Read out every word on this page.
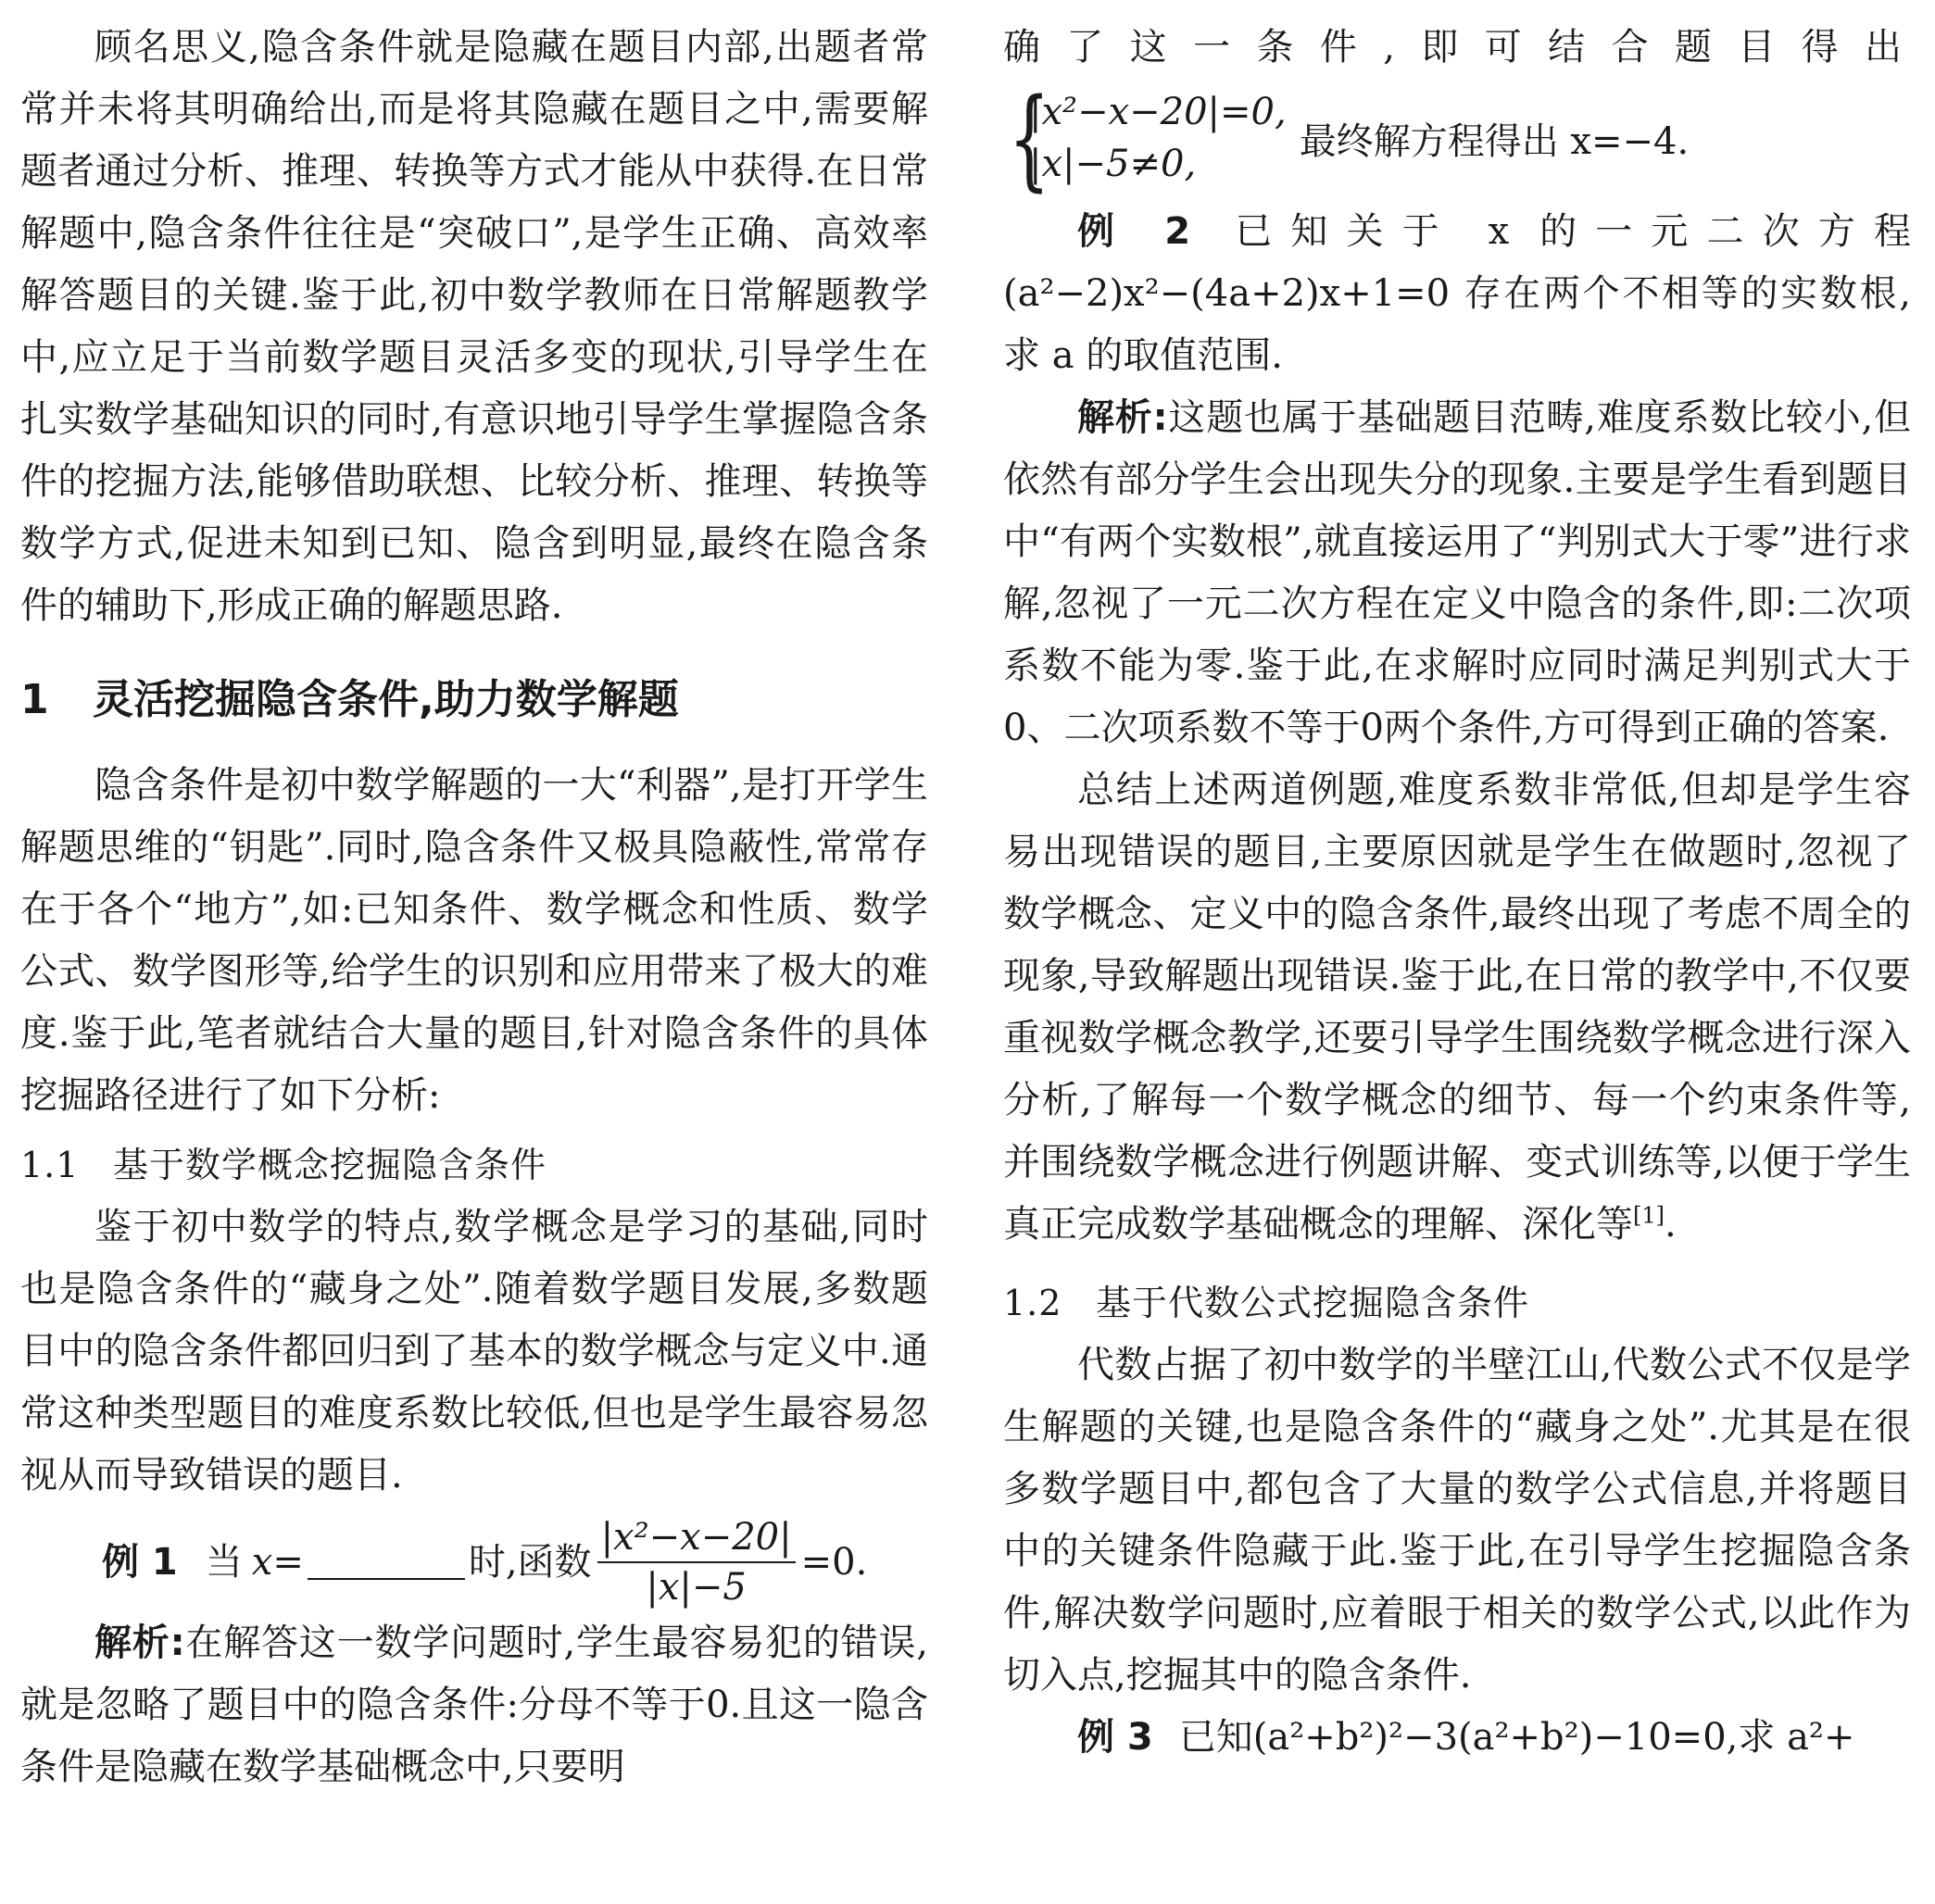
顾名思义,隐含条件就是隐藏在题目内部,出题者常常并未将其明确给出,而是将其隐藏在题目之中,需要解题者通过分析、推理、转换等方式才能从中获得.在日常解题中,隐含条件往往是“突破口”,是学生正确、高效率解答题目的关键.鉴于此,初中数学教师在日常解题教学中,应立足于当前数学题目灵活多变的现状,引导学生在扎实数学基础知识的同时,有意识地引导学生掌握隐含条件的挖掘方法,能够借助联想、比较分析、推理、转换等数学方式,促进未知到已知、隐含到明显,最终在隐含条件的辅助下,形成正确的解题思路.

1 灵活挖掘隐含条件,助力数学解题

隐含条件是初中数学解题的一大“利器”,是打开学生解题思维的“钥匙”.同时,隐含条件又极具隐蔽性,常常存在于各个“地方”,如:已知条件、数学概念和性质、数学公式、数学图形等,给学生的识别和应用带来了极大的难度.鉴于此,笔者就结合大量的题目,针对隐含条件的具体挖掘路径进行了如下分析:

1.1 基于数学概念挖掘隐含条件

鉴于初中数学的特点,数学概念是学习的基础,同时也是隐含条件的“藏身之处”.随着数学题目发展,多数题目中的隐含条件都回归到了基本的数学概念与定义中.通常这种类型题目的难度系数比较低,但也是学生最容易忽视从而导致错误的题目.

例 1 当 x =	时,函数 $\frac{\text{|x²−x−20|}}{|x|-5} =0$.

解析:在解答这一数学问题时,学生最容易犯的错误,就是忽略了题目中的隐含条件:分母不等于0.且这一隐含条件是隐藏在数学基础概念中,只要明

确了这一条件,即可结合题目得出

{
|x²−x−20|=0,
|x|−5≠0,
最终解方程得出 x=−4.

例 2 已知关于 x 的一元二次方程(a²−2)x²−(4a+2)x+1=0 存在两个不相等的实数根,求 a 的取值范围.

解析:这题也属于基础题目范畴,难度系数比较小,但依然有部分学生会出现失分的现象.主要是学生看到题目中“有两个实数根”,就直接运用了“判别式大于零”进行求解,忽视了一元二次方程在定义中隐含的条件,即:二次项系数不能为零.鉴于此,在求解时应同时满足判别式大于0、二次项系数不等于0两个条件,方可得到正确的答案.

总结上述两道例题,难度系数非常低,但却是学生容易出现错误的题目,主要原因就是学生在做题时,忽视了数学概念、定义中的隐含条件,最终出现了考虑不周全的现象,导致解题出现错误.鉴于此,在日常的教学中,不仅要重视数学概念教学,还要引导学生围绕数学概念进行深入分析,了解每一个数学概念的细节、每一个约束条件等,并围绕数学概念进行例题讲解、变式训练等,以便于学生真正完成数学基础概念的理解、深化等[1].

1.2 基于代数公式挖掘隐含条件

代数占据了初中数学的半壁江山,代数公式不仅是学生解题的关键,也是隐含条件的“藏身之处”.尤其是在很多数学题目中,都包含了大量的数学公式信息,并将题目中的关键条件隐藏于此.鉴于此,在引导学生挖掘隐含条件,解决数学问题时,应着眼于相关的数学公式,以此作为切入点,挖掘其中的隐含条件.

例 3 已知(a²+b²)²−3(a²+b²)−10=0,求 a²+
